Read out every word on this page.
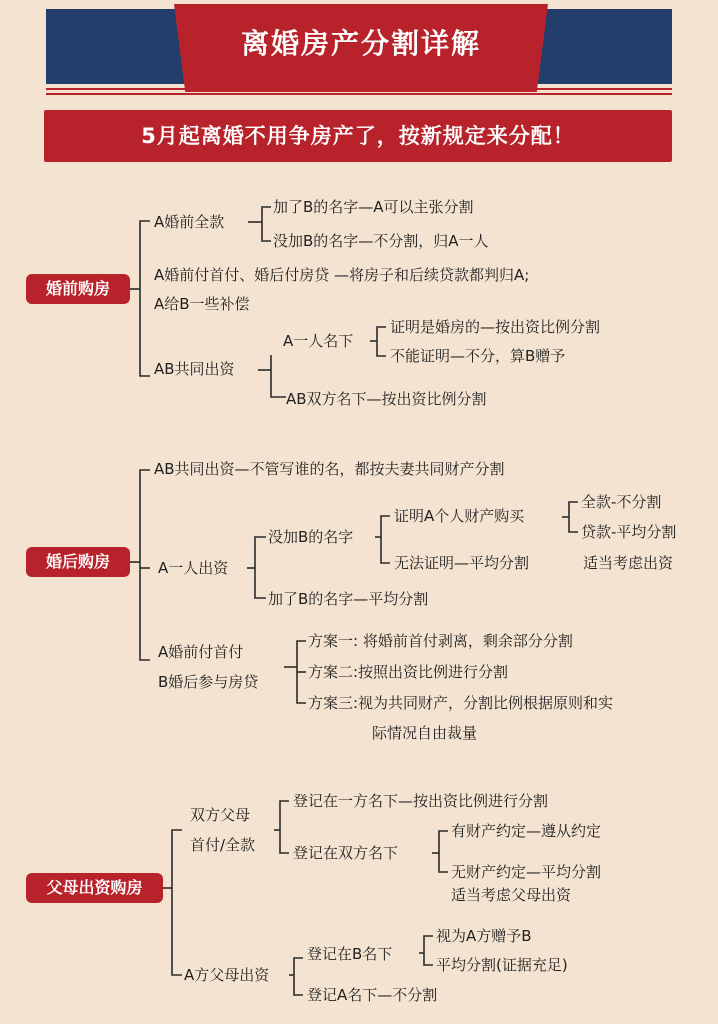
离婚房产分割详解
5月起离婚不用争房产了，按新规定来分配！
婚前购房
A婚前全款
加了B的名字—A可以主张分割
没加B的名字—不分割，归A一人
A婚前付首付、婚后付房贷 —将房子和后续贷款都判归A;
A给B一些补偿
AB共同出资
A一人名下
证明是婚房的—按出资比例分割
不能证明—不分，算B赠予
AB双方名下—按出资比例分割
婚后购房
AB共同出资—不管写谁的名，都按夫妻共同财产分割
A一人出资
没加B的名字
证明A个人财产购买
全款-不分割
贷款-平均分割
无法证明—平均分割	适当考虑出资
加了B的名字—平均分割
A婚前付首付
B婚后参与房贷
方案一: 将婚前首付剥离，剩余部分分割
方案二:按照出资比例进行分割
方案三:视为共同财产，分割比例根据原则和实
际情况自由裁量
父母出资购房
双方父母
首付/全款
登记在一方名下—按出资比例进行分割
登记在双方名下
有财产约定—遵从约定
无财产约定—平均分割
适当考虑父母出资
A方父母出资
登记在B名下
视为A方赠予B
平均分割(证据充足)
登记A名下—不分割
